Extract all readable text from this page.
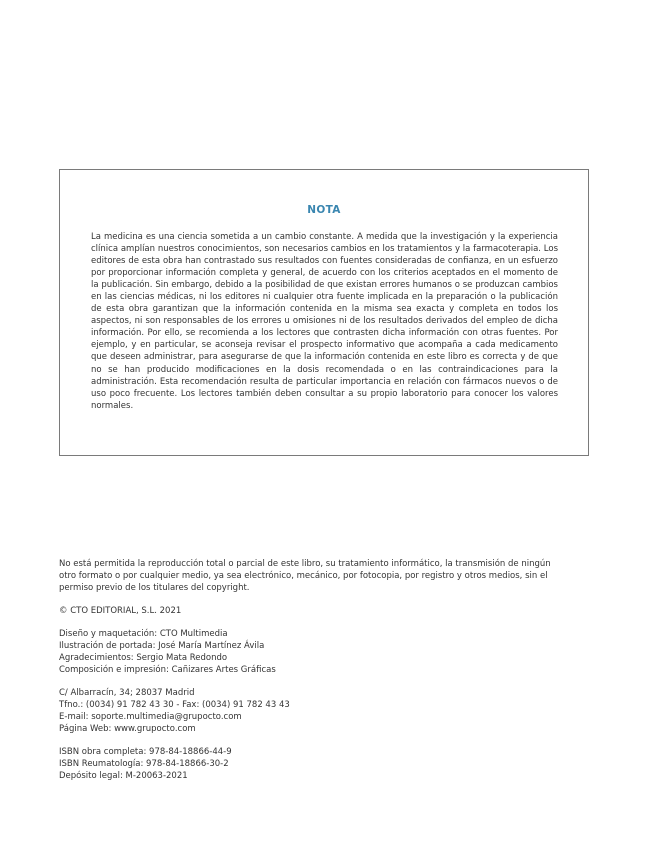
NOTA
La medicina es una ciencia sometida a un cambio constante. A medida que la investigación y la experiencia clínica amplían nuestros conocimientos, son necesarios cambios en los tratamientos y la farmacoterapia. Los editores de esta obra han contrastado sus resultados con fuentes consideradas de confianza, en un esfuerzo por proporcionar información completa y general, de acuerdo con los criterios aceptados en el momento de la publicación. Sin embargo, debido a la posibilidad de que existan errores humanos o se produzcan cambios en las ciencias médicas, ni los editores ni cualquier otra fuente implicada en la preparación o la publicación de esta obra garantizan que la información contenida en la misma sea exacta y completa en todos los aspectos, ni son responsables de los errores u omisiones ni de los resultados derivados del empleo de dicha información. Por ello, se recomienda a los lectores que contrasten dicha información con otras fuentes. Por ejemplo, y en particular, se aconseja revisar el prospecto informativo que acompaña a cada medicamento que deseen administrar, para asegurarse de que la información contenida en este libro es correcta y de que no se han producido modificaciones en la dosis recomendada o en las contraindicaciones para la administración. Esta recomendación resulta de particular importancia en relación con fármacos nuevos o de uso poco frecuente. Los lectores también deben consultar a su propio laboratorio para conocer los valores normales.

No está permitida la reproducción total o parcial de este libro, su tratamiento informático, la transmisión de ningún otro formato o por cualquier medio, ya sea electrónico, mecánico, por fotocopia, por registro y otros medios, sin el permiso previo de los titulares del copyright.

© CTO EDITORIAL, S.L. 2021

Diseño y maquetación: CTO Multimedia

Ilustración de portada: José María Martínez Ávila

Agradecimientos: Sergio Mata Redondo

Composición e impresión: Cañizares Artes Gráficas

C/ Albarracín, 34; 28037 Madrid

Tfno.: (0034) 91 782 43 30 - Fax: (0034) 91 782 43 43

E-mail: soporte.multimedia@grupocto.com

Página Web: www.grupocto.com

ISBN obra completa: 978-84-18866-44-9

ISBN Reumatología: 978-84-18866-30-2

Depósito legal: M-20063-2021
